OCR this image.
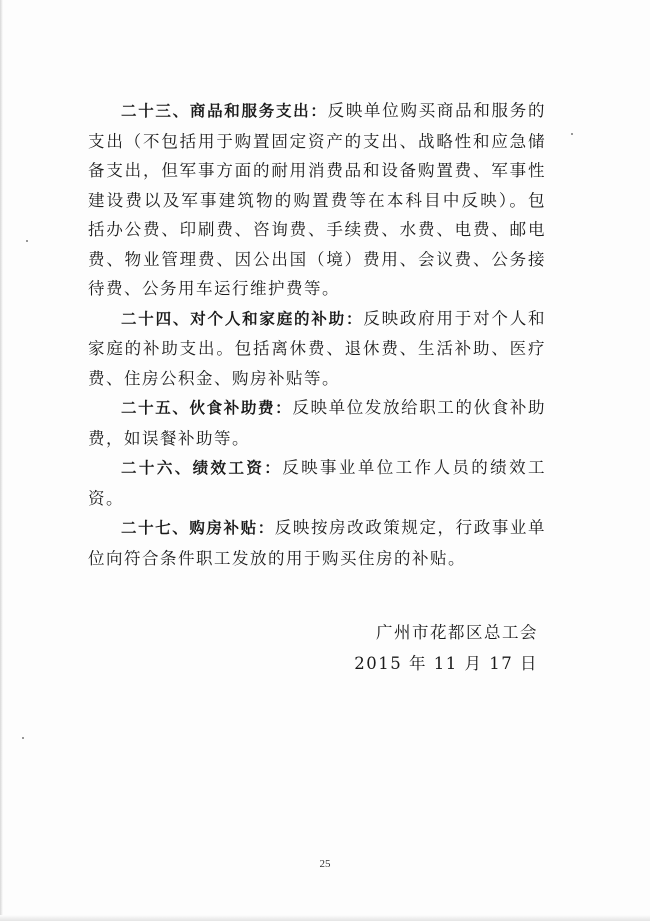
二十三、商品和服务支出：反映单位购买商品和服务的支出（不包括用于购置固定资产的支出、战略性和应急储备支出，但军事方面的耐用消费品和设备购置费、军事性建设费以及军事建筑物的购置费等在本科目中反映）。包括办公费、印刷费、咨询费、手续费、水费、电费、邮电费、物业管理费、因公出国（境）费用、会议费、公务接待费、公务用车运行维护费等。

二十四、对个人和家庭的补助：反映政府用于对个人和家庭的补助支出。包括离休费、退休费、生活补助、医疗费、住房公积金、购房补贴等。

二十五、伙食补助费：反映单位发放给职工的伙食补助费，如误餐补助等。

二十六、绩效工资：反映事业单位工作人员的绩效工资。

二十七、购房补贴：反映按房改政策规定，行政事业单位向符合条件职工发放的用于购买住房的补贴。

广州市花都区总工会
2015 年 11 月 17 日
25
